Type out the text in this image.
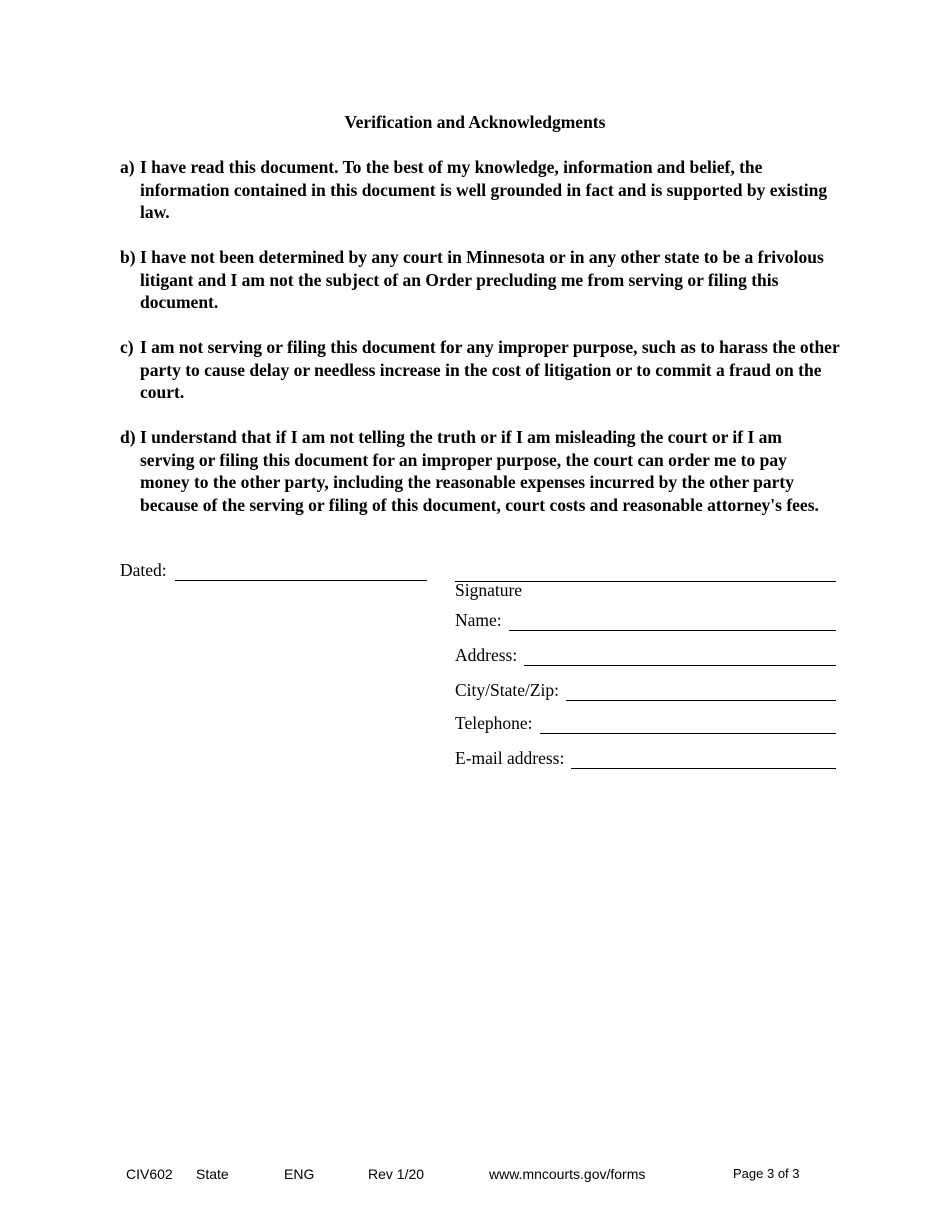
Verification and Acknowledgments
a) I have read this document. To the best of my knowledge, information and belief, the information contained in this document is well grounded in fact and is supported by existing law.
b) I have not been determined by any court in Minnesota or in any other state to be a frivolous litigant and I am not the subject of an Order precluding me from serving or filing this document.
c) I am not serving or filing this document for any improper purpose, such as to harass the other party to cause delay or needless increase in the cost of litigation or to commit a fraud on the court.
d) I understand that if I am not telling the truth or if I am misleading the court or if I am serving or filing this document for an improper purpose, the court can order me to pay money to the other party, including the reasonable expenses incurred by the other party because of the serving or filing of this document, court costs and reasonable attorney's fees.
Dated:
Signature
Name:
Address:
City/State/Zip:
Telephone:
E-mail address:
CIV602 State	ENG	Rev 1/20	www.mncourts.gov/forms	Page 3 of 3
